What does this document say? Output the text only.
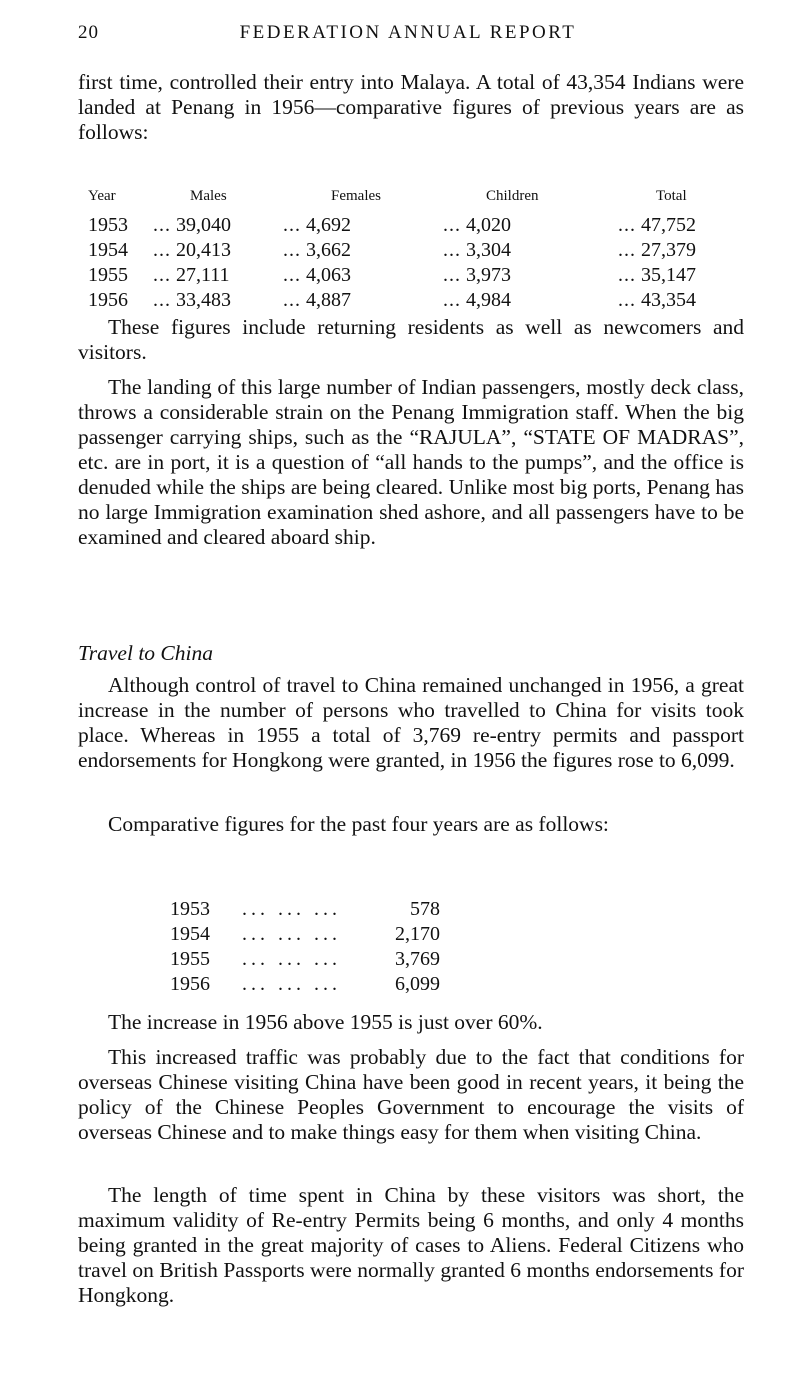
20	FEDERATION ANNUAL REPORT

first time, controlled their entry into Malaya. A total of 43,354 Indians were landed at Penang in 1956—comparative figures of previous years are as follows:

Year	Males	Females	Children	Total
1953 ... 39,040	... 4,692	... 4,020	... 47,752
1954 ... 20,413	... 3,662	... 3,304	... 27,379
1955 ... 27,111	... 4,063	... 3,973	... 35,147
1956 ... 33,483	... 4,887	... 4,984	... 43,354

These figures include returning residents as well as newcomers and visitors.

The landing of this large number of Indian passengers, mostly deck class, throws a considerable strain on the Penang Immigration staff. When the big passenger carrying ships, such as the “RAJULA”, “STATE OF MADRAS”, etc. are in port, it is a question of “all hands to the pumps”, and the office is denuded while the ships are being cleared. Unlike most big ports, Penang has no large Immigration examination shed ashore, and all passengers have to be examined and cleared aboard ship.

Travel to China

Although control of travel to China remained unchanged in 1956, a great increase in the number of persons who travelled to China for visits took place. Whereas in 1955 a total of 3,769 re-entry permits and passport endorsements for Hongkong were granted, in 1956 the figures rose to 6,099.

Comparative figures for the past four years are as follows:

1953 ... ... ...	578
1954 ... ... ...	2,170
1955 ... ... ...	3,769
1956 ... ... ...	6,099

The increase in 1956 above 1955 is just over 60%.

This increased traffic was probably due to the fact that conditions for overseas Chinese visiting China have been good in recent years, it being the policy of the Chinese Peoples Government to encourage the visits of overseas Chinese and to make things easy for them when visiting China.

The length of time spent in China by these visitors was short, the maximum validity of Re-entry Permits being 6 months, and only 4 months being granted in the great majority of cases to Aliens. Federal Citizens who travel on British Passports were normally granted 6 months endorsements for Hongkong.
